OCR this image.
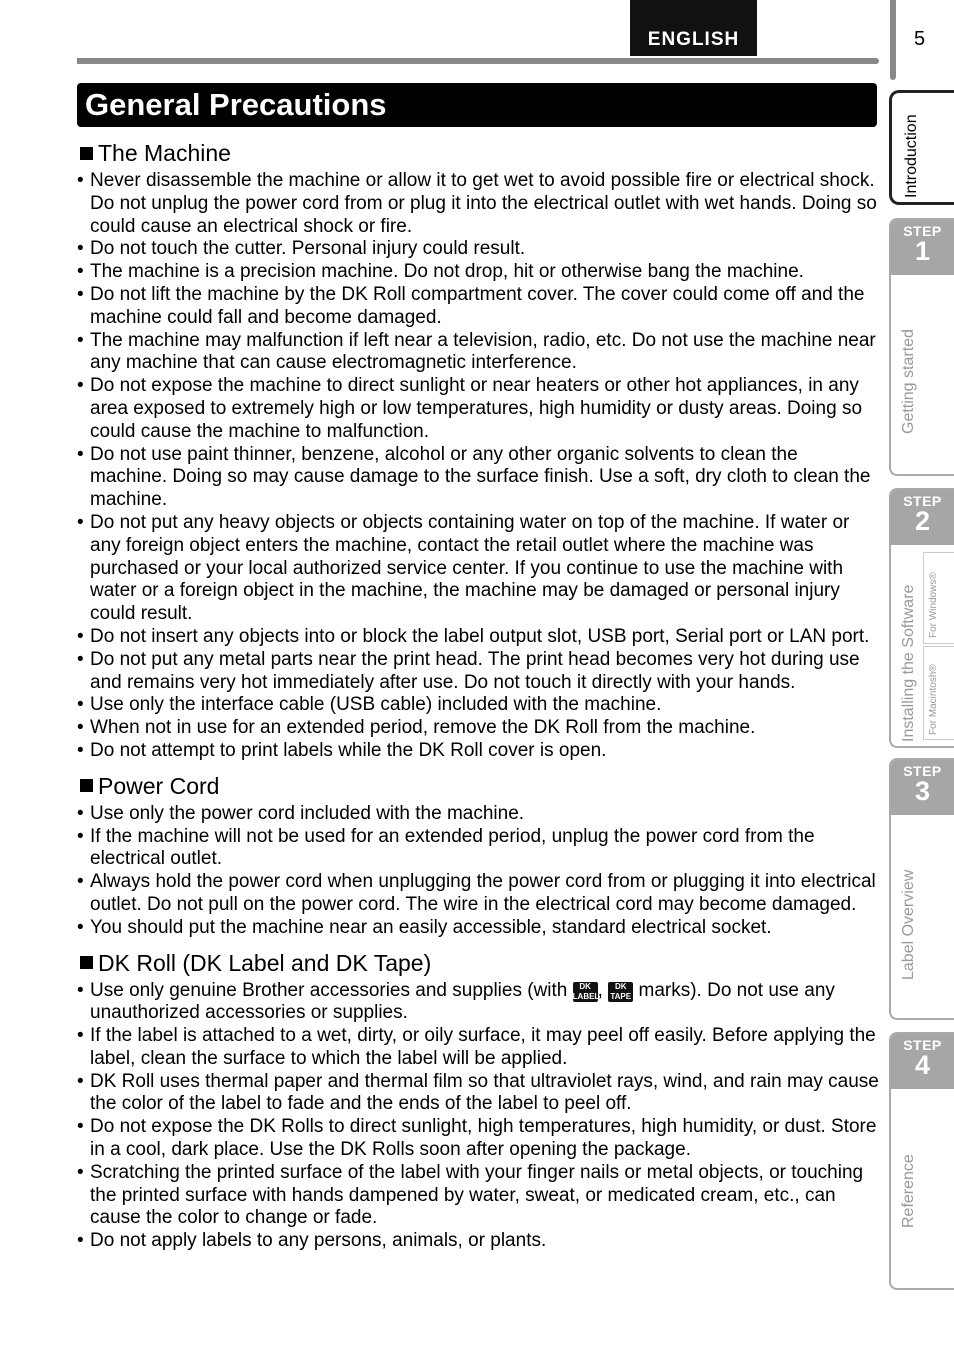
ENGLISH	5
General Precautions
The Machine
• Never disassemble the machine or allow it to get wet to avoid possible fire or electrical shock. Do not unplug the power cord from or plug it into the electrical outlet with wet hands. Doing so could cause an electrical shock or fire.
• Do not touch the cutter. Personal injury could result.
• The machine is a precision machine. Do not drop, hit or otherwise bang the machine.
• Do not lift the machine by the DK Roll compartment cover. The cover could come off and the machine could fall and become damaged.
• The machine may malfunction if left near a television, radio, etc. Do not use the machine near any machine that can cause electromagnetic interference.
• Do not expose the machine to direct sunlight or near heaters or other hot appliances, in any area exposed to extremely high or low temperatures, high humidity or dusty areas. Doing so could cause the machine to malfunction.
• Do not use paint thinner, benzene, alcohol or any other organic solvents to clean the machine. Doing so may cause damage to the surface finish. Use a soft, dry cloth to clean the machine.
• Do not put any heavy objects or objects containing water on top of the machine. If water or any foreign object enters the machine, contact the retail outlet where the machine was purchased or your local authorized service center. If you continue to use the machine with water or a foreign object in the machine, the machine may be damaged or personal injury could result.
• Do not insert any objects into or block the label output slot, USB port, Serial port or LAN port.
• Do not put any metal parts near the print head. The print head becomes very hot during use and remains very hot immediately after use. Do not touch it directly with your hands.
• Use only the interface cable (USB cable) included with the machine.
• When not in use for an extended period, remove the DK Roll from the machine.
• Do not attempt to print labels while the DK Roll cover is open.
Power Cord
• Use only the power cord included with the machine.
• If the machine will not be used for an extended period, unplug the power cord from the electrical outlet.
• Always hold the power cord when unplugging the power cord from or plugging it into electrical outlet. Do not pull on the power cord. The wire in the electrical cord may become damaged.
• You should put the machine near an easily accessible, standard electrical socket.
DK Roll (DK Label and DK Tape)
• Use only genuine Brother accessories and supplies (with DK LABEL, DK TAPE marks). Do not use any unauthorized accessories or supplies.
• If the label is attached to a wet, dirty, or oily surface, it may peel off easily. Before applying the label, clean the surface to which the label will be applied.
• DK Roll uses thermal paper and thermal film so that ultraviolet rays, wind, and rain may cause the color of the label to fade and the ends of the label to peel off.
• Do not expose the DK Rolls to direct sunlight, high temperatures, high humidity, or dust. Store in a cool, dark place. Use the DK Rolls soon after opening the package.
• Scratching the printed surface of the label with your finger nails or metal objects, or touching the printed surface with hands dampened by water, sweat, or medicated cream, etc., can cause the color to change or fade.
• Do not apply labels to any persons, animals, or plants.
Introduction
STEP
1
Getting started
STEP
2
Installing the Software For Windows®
For Macintosh®
STEP
3
Label Overview
STEP
4
Reference
